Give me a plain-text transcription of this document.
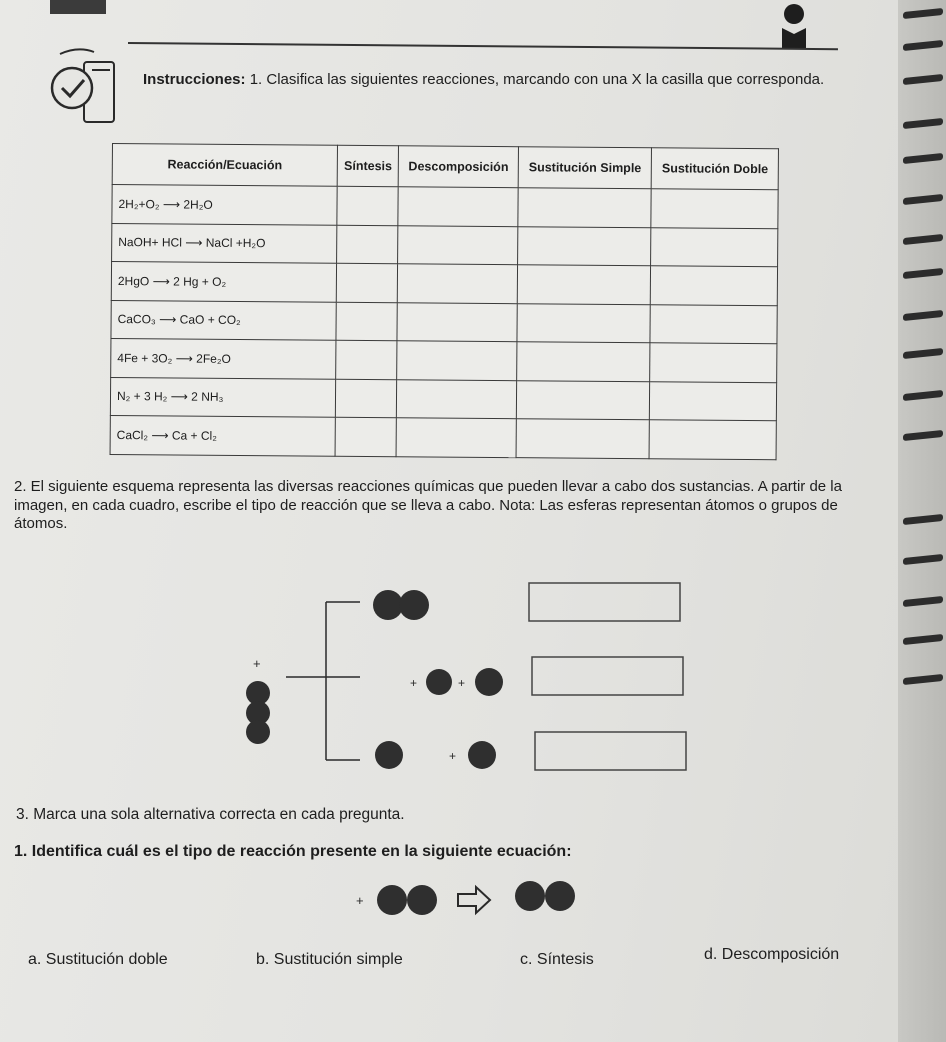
Instrucciones: 1. Clasifica las siguientes reacciones, marcando con una X la casilla que corresponda.
Reacción/Ecuación	Síntesis	Descomposición	Sustitución Simple	Sustitución Doble
2H₂+O₂ ⟶ 2H₂O				
NaOH+ HCl ⟶ NaCl +H₂O				
2HgO ⟶ 2 Hg + O₂				
CaCO₃ ⟶ CaO + CO₂				
4Fe + 3O₂ ⟶ 2Fe₂O				
N₂ + 3 H₂ ⟶ 2 NH₃				
CaCl₂ ⟶ Ca + Cl₂				
2. El siguiente esquema representa las diversas reacciones químicas que pueden llevar a cabo dos sustancias. A partir de la imagen, en cada cuadro, escribe el tipo de reacción que se lleva a cabo. Nota: Las esferas representan átomos o grupos de átomos.
+
+	+
+
3. Marca una sola alternativa correcta en cada pregunta.
1. Identifica cuál es el tipo de reacción presente en la siguiente ecuación:
+
a. Sustitución doble	b. Sustitución simple	c. Síntesis	d. Descomposición
